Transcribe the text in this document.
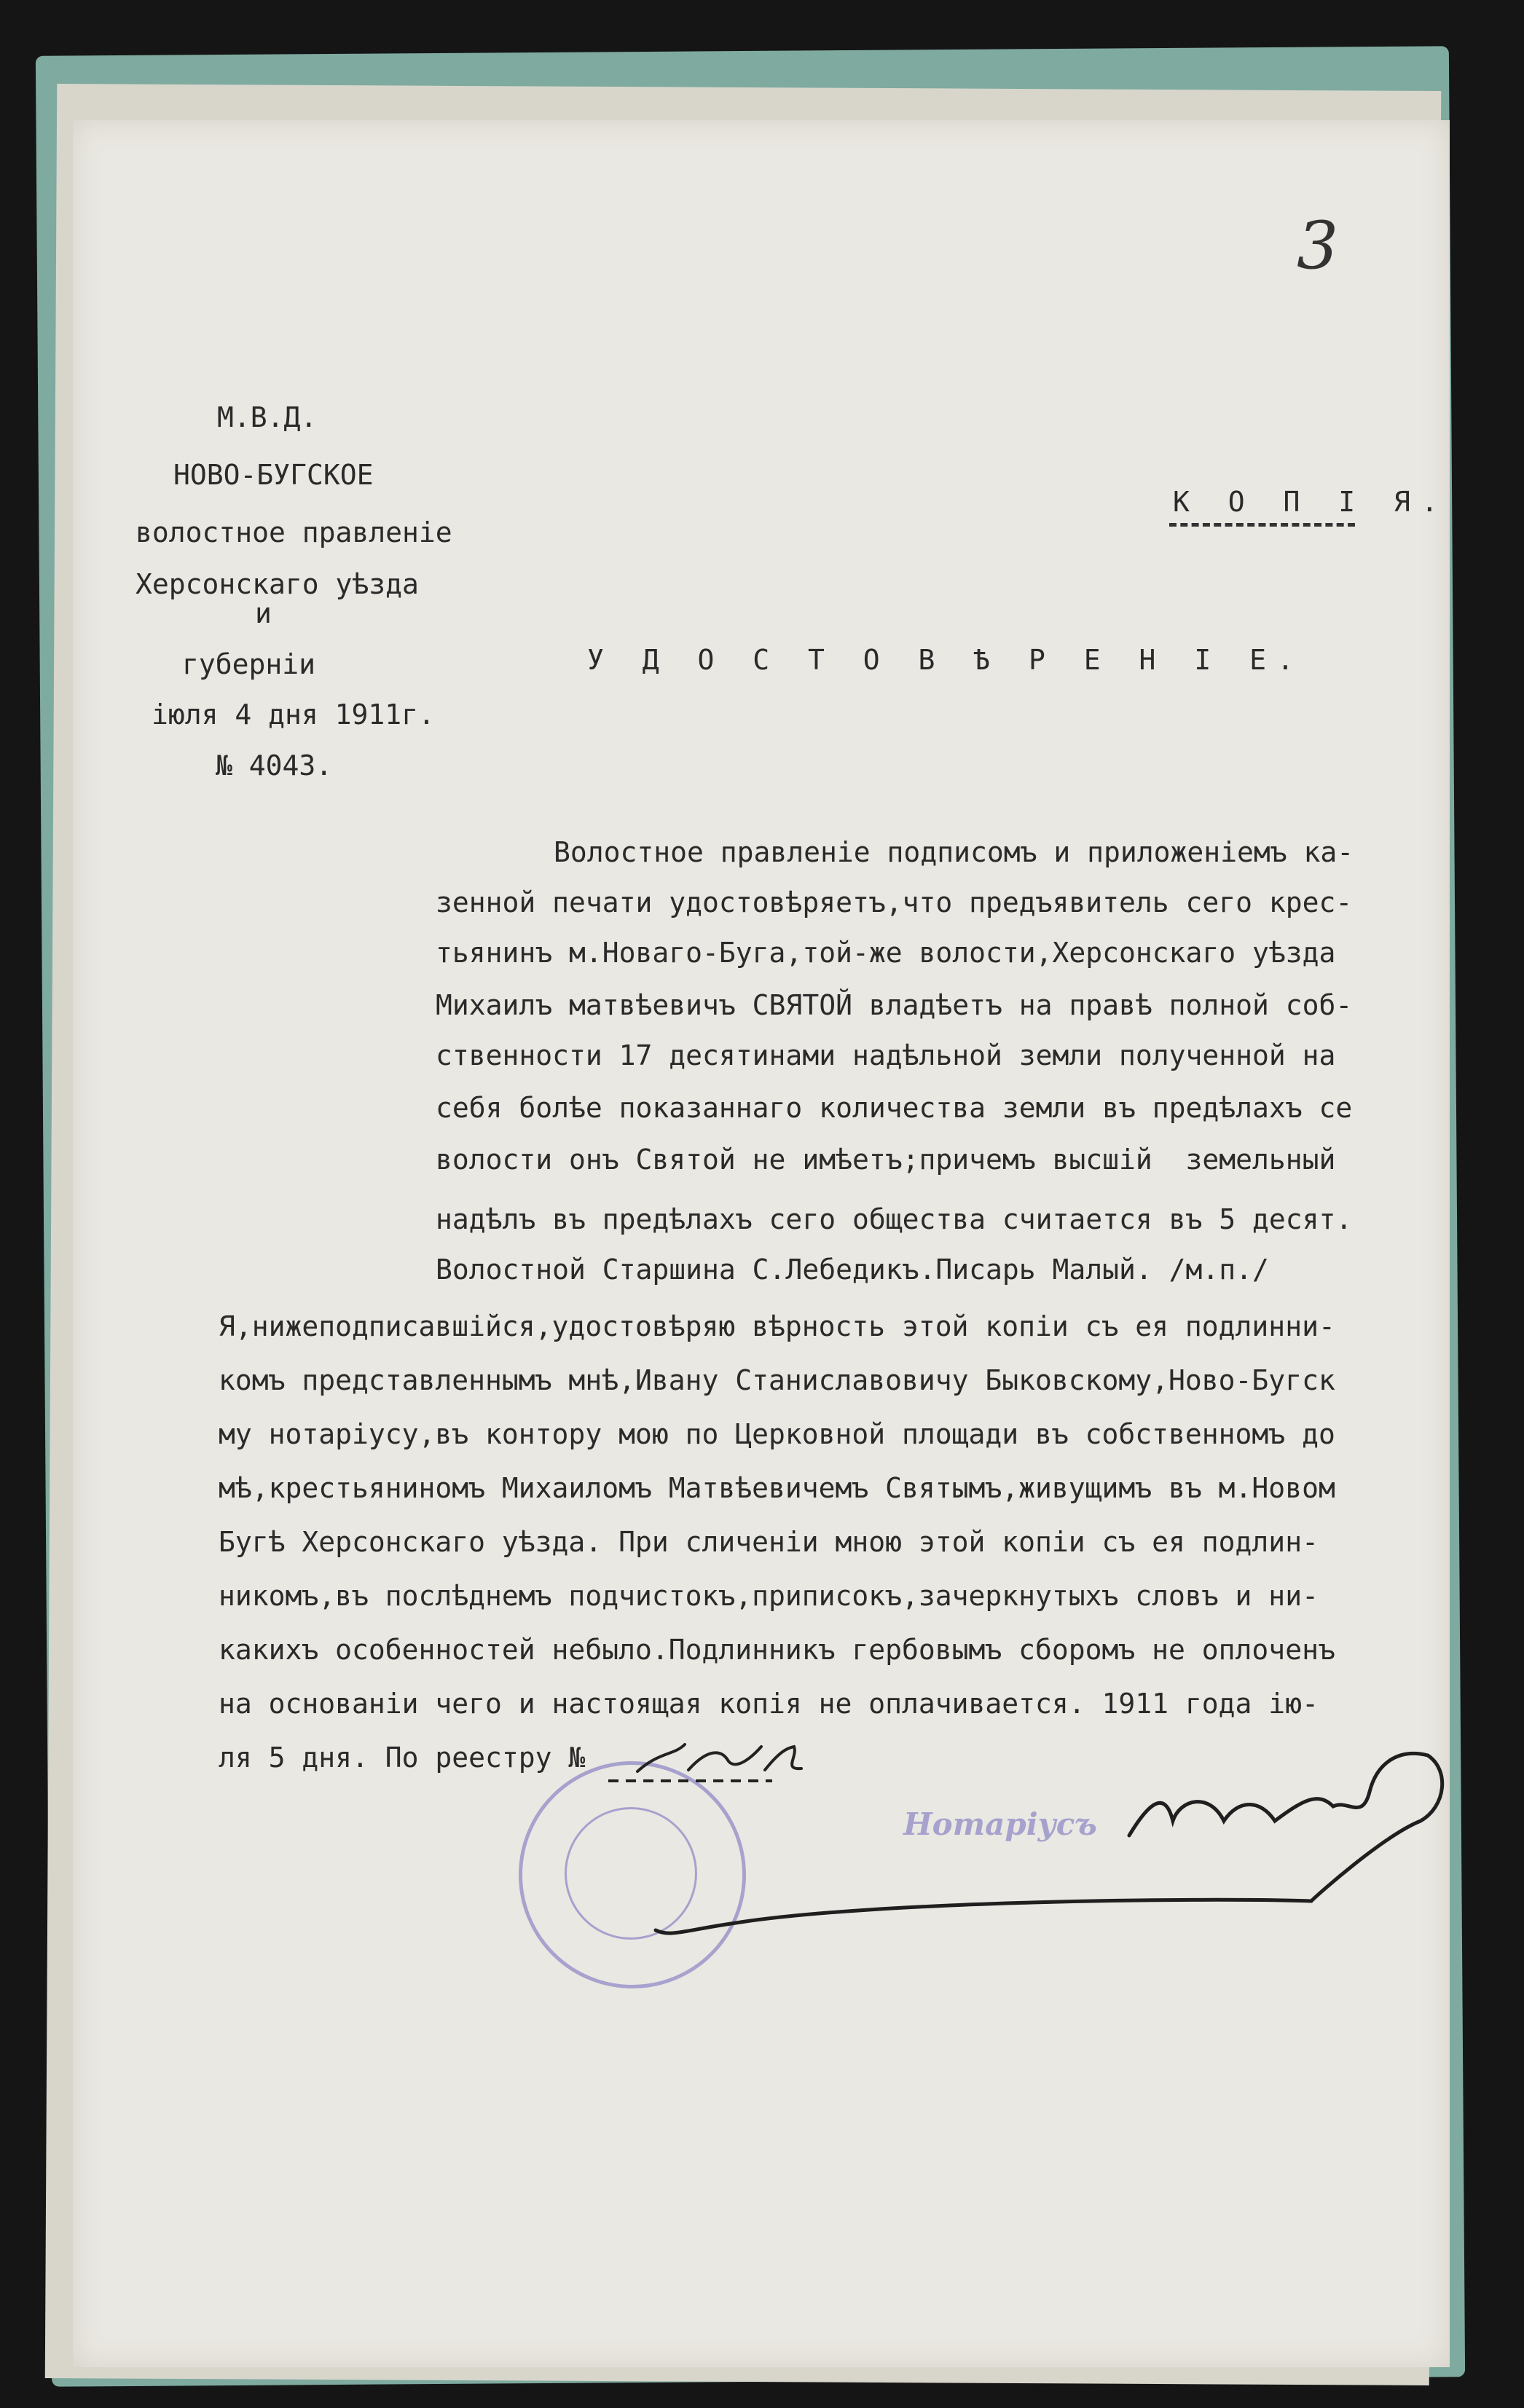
3
М.В.Д.
НОВО-БУГСКОЕ
волостное правленіе
Херсонскаго уѣзда
и
губерніи
іюля 4 дня 1911г.
№ 4043.
К О П І Я.
У Д О С Т О В Ѣ Р Е Н І Е.
Волостное правленіе подписомъ и приложеніемъ ка-
зенной печати удостовѣряетъ,что предъявитель сего крес-
тьянинъ м.Новаго-Буга,той-же волости,Херсонскаго уѣзда
Михаилъ матвѣевичъ СВЯТОЙ владѣетъ на правѣ полной соб-
ственности 17 десятинами надѣльной земли полученной на
себя болѣе показаннаго количества земли въ предѣлахъ се
волости онъ Святой не имѣетъ;причемъ высшій  земельный
надѣлъ въ предѣлахъ сего общества считается въ 5 десят.
Волостной Старшина С.Лебедикъ.Писарь Малый. /м.п./
Я,нижеподписавшійся,удостовѣряю вѣрность этой копіи съ ея подлинни-
комъ представленнымъ мнѣ,Ивану Станиславовичу Быковскому,Ново-Бугск
му нотаріусу,въ контору мою по Церковной площади въ собственномъ до
мѣ,крестьяниномъ Михаиломъ Матвѣевичемъ Святымъ,живущимъ въ м.Новом
Бугѣ Херсонскаго уѣзда. При сличеніи мною этой копіи съ ея подлин-
никомъ,въ послѣднемъ подчистокъ,приписокъ,зачеркнутыхъ словъ и ни-
какихъ особенностей небыло.Подлинникъ гербовымъ сборомъ не оплоченъ
на основаніи чего и настоящая копія не оплачивается. 1911 года ію-
ля 5 дня. По реестру №
Нотаріусъ
